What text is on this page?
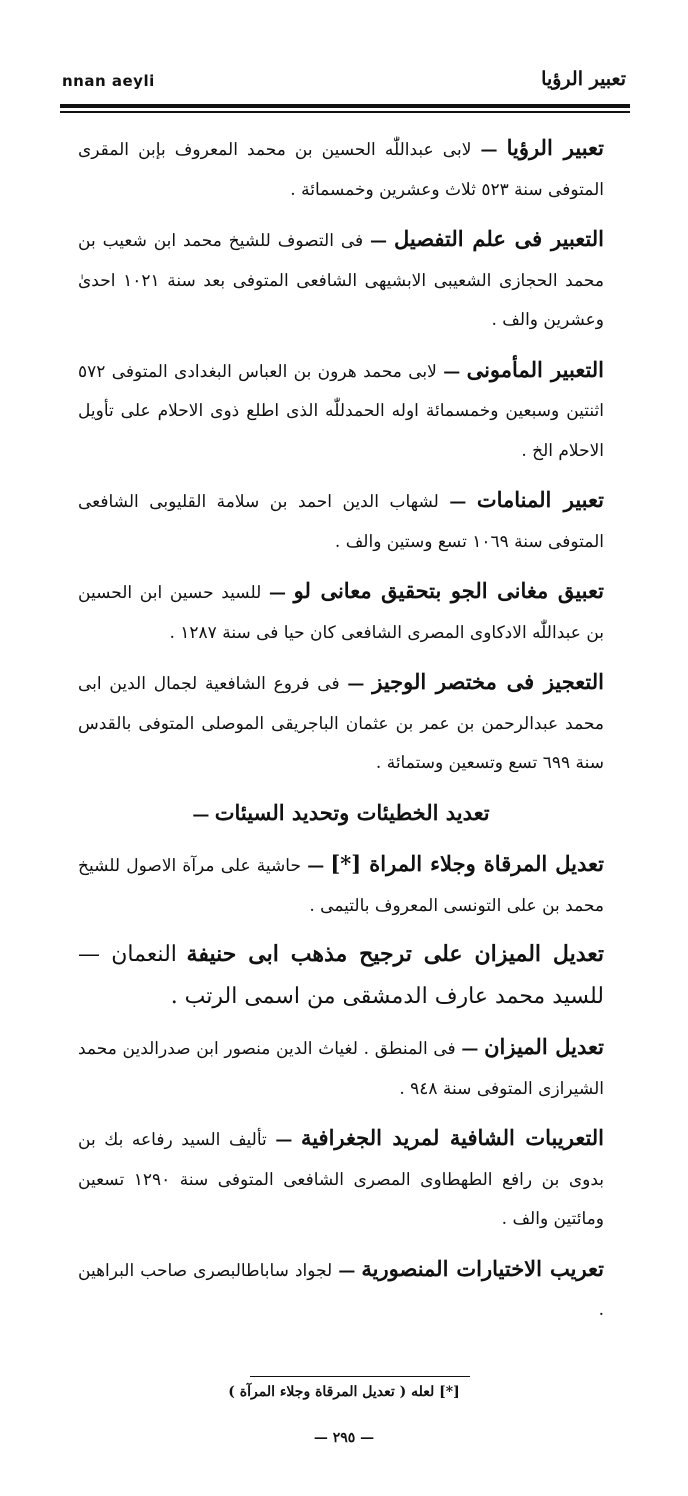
nnan aeyli	تعبير الرؤيا

تعبير الرؤيا — لابى عبداللّٰه الحسين بن محمد المعروف بإبن المقرى المتوفى سنة ٥٢٣ ثلاث وعشرين وخمسمائة .

التعبير فى علم التفصيل — فى التصوف للشيخ محمد ابن شعيب بن محمد الحجازى الشعيبى الابشيهى الشافعى المتوفى بعد سنة ١٠٢١ احدىٰ وعشرين والف .

التعبير المأمونى — لابى محمد هرون بن العباس البغدادى المتوفى ٥٧٢ اثنتين وسبعين وخمسمائة اوله الحمدللّٰه الذى اطلع ذوى الاحلام على تأويل الاحلام الخ .

تعبير المنامات — لشهاب الدين احمد بن سلامة القليوبى الشافعى المتوفى سنة ١٠٦٩ تسع وستين والف .

تعبيق مغانى الجو بتحقيق معانى لو — للسيد حسين ابن الحسين بن عبداللّٰه الادكاوى المصرى الشافعى كان حيا فى سنة ١٢٨٧ .

التعجيز فى مختصر الوجيز — فى فروع الشافعية لجمال الدين ابى محمد عبدالرحمن بن عمر بن عثمان الباجريقى الموصلى المتوفى بالقدس سنة ٦٩٩ تسع وتسعين وستمائة .

تعديد الخطيئات وتحديد السيئات —

تعديل المرقاة وجلاء المراة [*] — حاشية على مرآة الاصول للشيخ محمد بن على التونسى المعروف بالتيمى .

تعديل الميزان على ترجيح مذهب ابى حنيفة النعمان — للسيد محمد عارف الدمشقى من اسمى الرتب .

تعديل الميزان — فى المنطق . لغياث الدين منصور ابن صدرالدين محمد الشيرازى المتوفى سنة ٩٤٨ .

التعريبات الشافية لمريد الجغرافية — تأليف السيد رفاعه بك بن بدوى بن رافع الطهطاوى المصرى الشافعى المتوفى سنة ١٢٩٠ تسعين ومائتين والف .

تعريب الاختيارات المنصورية — لجواد ساباطالبصرى صاحب البراهين .

[*] لعله ( تعديل المرقاة وجلاء المرآة )
— ٢٩٥ —
